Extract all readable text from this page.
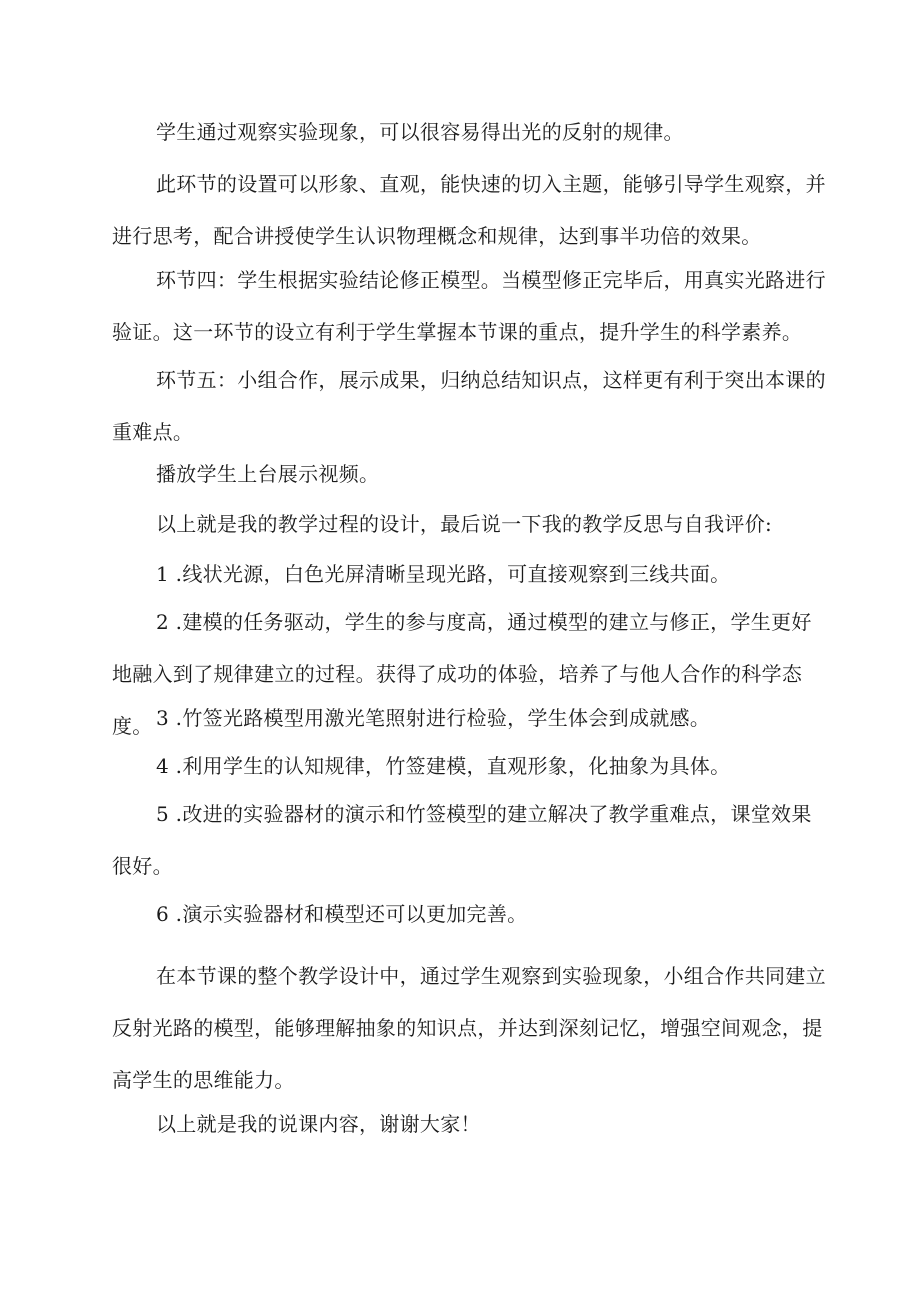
学生通过观察实验现象，可以很容易得出光的反射的规律。

此环节的设置可以形象、直观，能快速的切入主题，能够引导学生观察，并进行思考，配合讲授使学生认识物理概念和规律，达到事半功倍的效果。

环节四：学生根据实验结论修正模型。当模型修正完毕后，用真实光路进行验证。这一环节的设立有利于学生掌握本节课的重点，提升学生的科学素养。

环节五：小组合作，展示成果，归纳总结知识点，这样更有利于突出本课的重难点。

播放学生上台展示视频。

以上就是我的教学过程的设计，最后说一下我的教学反思与自我评价:

1 .线状光源，白色光屏清晰呈现光路，可直接观察到三线共面。

2 .建模的任务驱动，学生的参与度高，通过模型的建立与修正，学生更好地融入到了规律建立的过程。获得了成功的体验，培养了与他人合作的科学态度。 3 .竹签光路模型用激光笔照射进行检验，学生体会到成就感。

4 .利用学生的认知规律，竹签建模，直观形象，化抽象为具体。

5 .改进的实验器材的演示和竹签模型的建立解决了教学重难点，课堂效果很好。

6 .演示实验器材和模型还可以更加完善。

在本节课的整个教学设计中，通过学生观察到实验现象，小组合作共同建立反射光路的模型，能够理解抽象的知识点，并达到深刻记忆，增强空间观念，提高学生的思维能力。

以上就是我的说课内容，谢谢大家！
